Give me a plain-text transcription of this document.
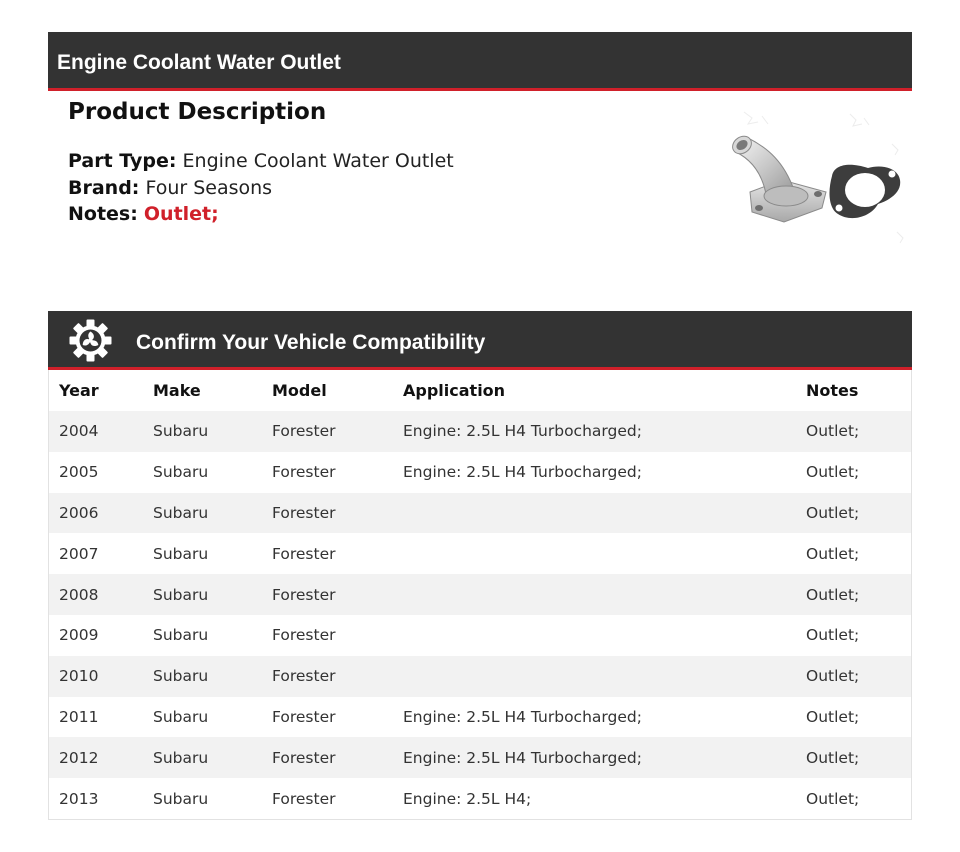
Engine Coolant Water Outlet
Product Description
Part Type: Engine Coolant Water Outlet
Brand: Four Seasons
Notes: Outlet;
Confirm Your Vehicle Compatibility
Year	Make	Model	Application	Notes
2004	Subaru	Forester	Engine: 2.5L H4 Turbocharged;	Outlet;
2005	Subaru	Forester	Engine: 2.5L H4 Turbocharged;	Outlet;
2006	Subaru	Forester		Outlet;
2007	Subaru	Forester		Outlet;
2008	Subaru	Forester		Outlet;
2009	Subaru	Forester		Outlet;
2010	Subaru	Forester		Outlet;
2011	Subaru	Forester	Engine: 2.5L H4 Turbocharged;	Outlet;
2012	Subaru	Forester	Engine: 2.5L H4 Turbocharged;	Outlet;
2013	Subaru	Forester	Engine: 2.5L H4;	Outlet;
